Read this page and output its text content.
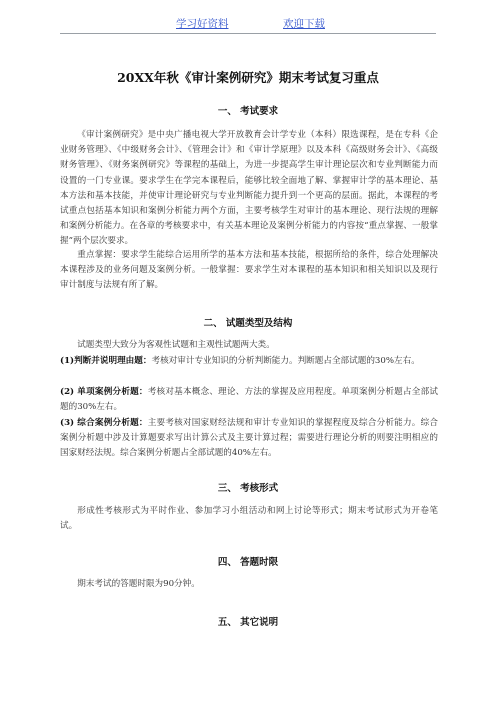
学习好资料	欢迎下载
20XX年秋《审计案例研究》期末考试复习重点
一、 考试要求

《审计案例研究》是中央广播电视大学开放教育会计学专业（本科）限选课程，是在专科《企业财务管理》、《中级财务会计》、《管理会计》和《审计学原理》以及本科《高级财务会计》、《高级财务管理》、《财务案例研究》等课程的基础上，为进一步提高学生审计理论层次和专业判断能力而设置的一门专业课。要求学生在学完本课程后，能够比较全面地了解、掌握审计学的基本理论、基本方法和基本技能，并使审计理论研究与专业判断能力提升到一个更高的层面。据此，本课程的考试重点包括基本知识和案例分析能力两个方面，主要考核学生对审计的基本理论、现行法规的理解和案例分析能力。在各章的考核要求中，有关基本理论及案例分析能力的内容按“重点掌握、一般掌握”两个层次要求。

重点掌握：要求学生能综合运用所学的基本方法和基本技能，根据所给的条件，综合处理解决本课程涉及的业务问题及案例分析。一般掌握：要求学生对本课程的基本知识和相关知识以及现行审计制度与法规有所了解。

二、 试题类型及结构

试题类型大致分为客观性试题和主观性试题两大类。

(1)判断并说明理由题：考核对审计专业知识的分析判断能力。判断题占全部试题的30%左右。

(2) 单项案例分析题：考核对基本概念、理论、方法的掌握及应用程度。单项案例分析题占全部试题的30%左右。

(3) 综合案例分析题：主要考核对国家财经法规和审计专业知识的掌握程度及综合分析能力。综合案例分析题中涉及计算题要求写出计算公式及主要计算过程；需要进行理论分析的则要注明相应的国家财经法规。综合案例分析题占全部试题的40%左右。

三、 考核形式

形成性考核形式为平时作业、参加学习小组活动和网上讨论等形式；期末考试形式为开卷笔试。

四、 答题时限

期末考试的答题时限为90分钟。

五、 其它说明
